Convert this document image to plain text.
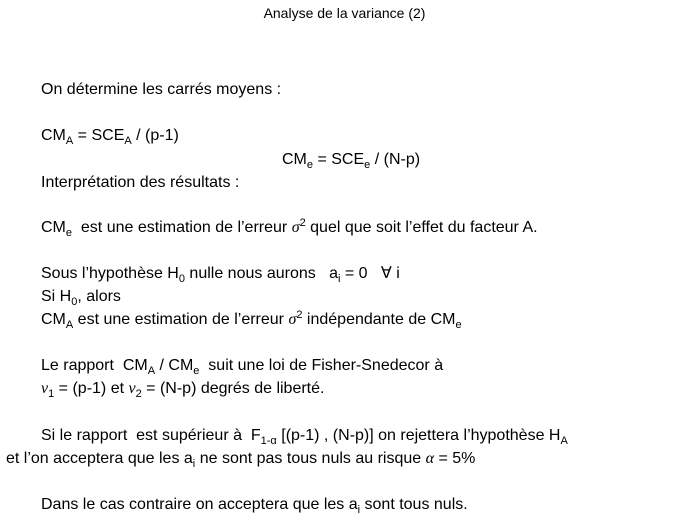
Analyse de la variance (2)
On détermine les carrés moyens :
$CM_A = SCE_A / (p-1)$
$CM_e = SCE_e / (N-p)$
Interprétation des résultats :
$CM_e$  est une estimation de l’erreur $\sigma^2$ quel que soit l’effet du facteur A.
Sous l’hypothèse $H_0$ nulle nous aurons   $a_i = 0$   ∀ i
Si $H_0$, alors
$CM_A$ est une estimation de l’erreur $\sigma^2$ indépendante de $CM_e$
Le rapport  $CM_A / CM_e$  suit une loi de Fisher-Snedecor à
$\nu_1 = (p-1)$ et $\nu_2 = (N-p)$ degrés de liberté.
Si le rapport  est supérieur à  $F_{1-\alpha}$ [(p-1) , (N-p)] on rejettera l’hypothèse $H_A$
et l’on acceptera que les $a_i$ ne sont pas tous nuls au risque α = 5%
Dans le cas contraire on acceptera que les $a_i$ sont tous nuls.
